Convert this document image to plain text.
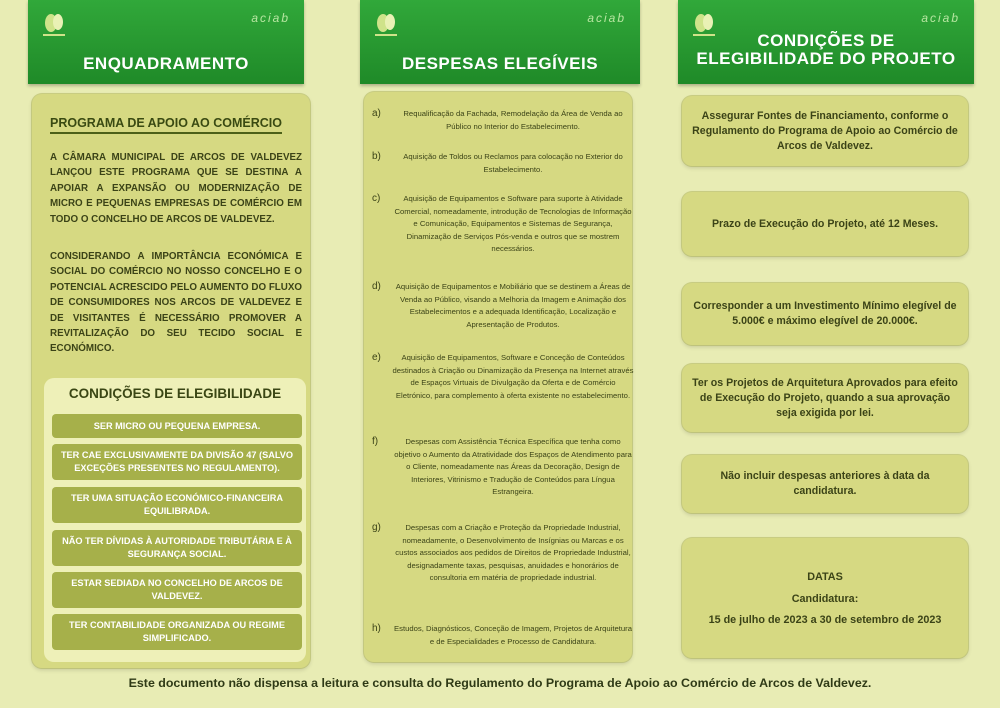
aciab
ENQUADRAMENTO
PROGRAMA DE APOIO AO COMÉRCIO
A CÂMARA MUNICIPAL DE ARCOS DE VALDEVEZ LANÇOU ESTE PROGRAMA QUE SE DESTINA A APOIAR A EXPANSÃO OU MODERNIZAÇÃO DE MICRO E PEQUENAS EMPRESAS DE COMÉRCIO EM TODO O CONCELHO DE ARCOS DE VALDEVEZ.
CONSIDERANDO A IMPORTÂNCIA ECONÓMICA E SOCIAL DO COMÉRCIO NO NOSSO CONCELHO E O POTENCIAL ACRESCIDO PELO AUMENTO DO FLUXO DE CONSUMIDORES NOS ARCOS DE VALDEVEZ E DE VISITANTES É NECESSÁRIO PROMOVER A REVITALIZAÇÃO DO SEU TECIDO SOCIAL E ECONÓMICO.
CONDIÇÕES DE ELEGIBILIDADE
SER MICRO OU PEQUENA EMPRESA.
TER CAE EXCLUSIVAMENTE DA DIVISÃO 47 (SALVO EXCEÇÕES PRESENTES NO REGULAMENTO).
TER UMA SITUAÇÃO ECONÓMICO-FINANCEIRA EQUILIBRADA.
NÃO TER DÍVIDAS À AUTORIDADE TRIBUTÁRIA E À SEGURANÇA SOCIAL.
ESTAR SEDIADA NO CONCELHO DE ARCOS DE VALDEVEZ.
TER CONTABILIDADE ORGANIZADA OU REGIME SIMPLIFICADO.
aciab
DESPESAS ELEGÍVEIS
a)	Requalificação da Fachada, Remodelação da Área de Venda ao Público no Interior do Estabelecimento.
b)	Aquisição de Toldos ou Reclamos para colocação no Exterior do Estabelecimento.
c)	Aquisição de Equipamentos e Software para suporte à Atividade Comercial, nomeadamente, introdução de Tecnologias de Informação e Comunicação, Equipamentos e Sistemas de Segurança, Dinamização de Serviços Pós-venda e outros que se mostrem necessários.
d)	Aquisição de Equipamentos e Mobiliário que se destinem a Áreas de Venda ao Público, visando a Melhoria da Imagem e Animação dos Estabelecimentos e a adequada Identificação, Localização e Apresentação de Produtos.
e)	Aquisição de Equipamentos, Software e Conceção de Conteúdos destinados à Criação ou Dinamização da Presença na Internet através de Espaços Virtuais de Divulgação da Oferta e de Comércio Eletrónico, para complemento à oferta existente no estabelecimento.
f)	Despesas com Assistência Técnica Específica que tenha como objetivo o Aumento da Atratividade dos Espaços de Atendimento para o Cliente, nomeadamente nas Áreas da Decoração, Design de Interiores, Vitrinismo e Tradução de Conteúdos para Língua Estrangeira.
g)	Despesas com a Criação e Proteção da Propriedade Industrial, nomeadamente, o Desenvolvimento de Insígnias ou Marcas e os custos associados aos pedidos de Direitos de Propriedade Industrial, designadamente taxas, pesquisas, anuidades e honorários de consultoria em matéria de propriedade industrial.
h) Estudos, Diagnósticos, Conceção de Imagem, Projetos de Arquitetura e de Especialidades e Processo de Candidatura.
aciab
CONDIÇÕES DE
ELEGIBILIDADE DO PROJETO
Assegurar Fontes de Financiamento, conforme o Regulamento do Programa de Apoio ao Comércio de Arcos de Valdevez.
Prazo de Execução do Projeto, até 12 Meses.
Corresponder a um Investimento Mínimo elegível de 5.000€ e máximo elegível de 20.000€.
Ter os Projetos de Arquitetura Aprovados para efeito de Execução do Projeto, quando a sua aprovação seja exigida por lei.
Não incluir despesas anteriores à data da candidatura.
DATAS
Candidatura:
15 de julho de 2023 a 30 de setembro de 2023
Este documento não dispensa a leitura e consulta do Regulamento do Programa de Apoio ao Comércio de Arcos de Valdevez.
